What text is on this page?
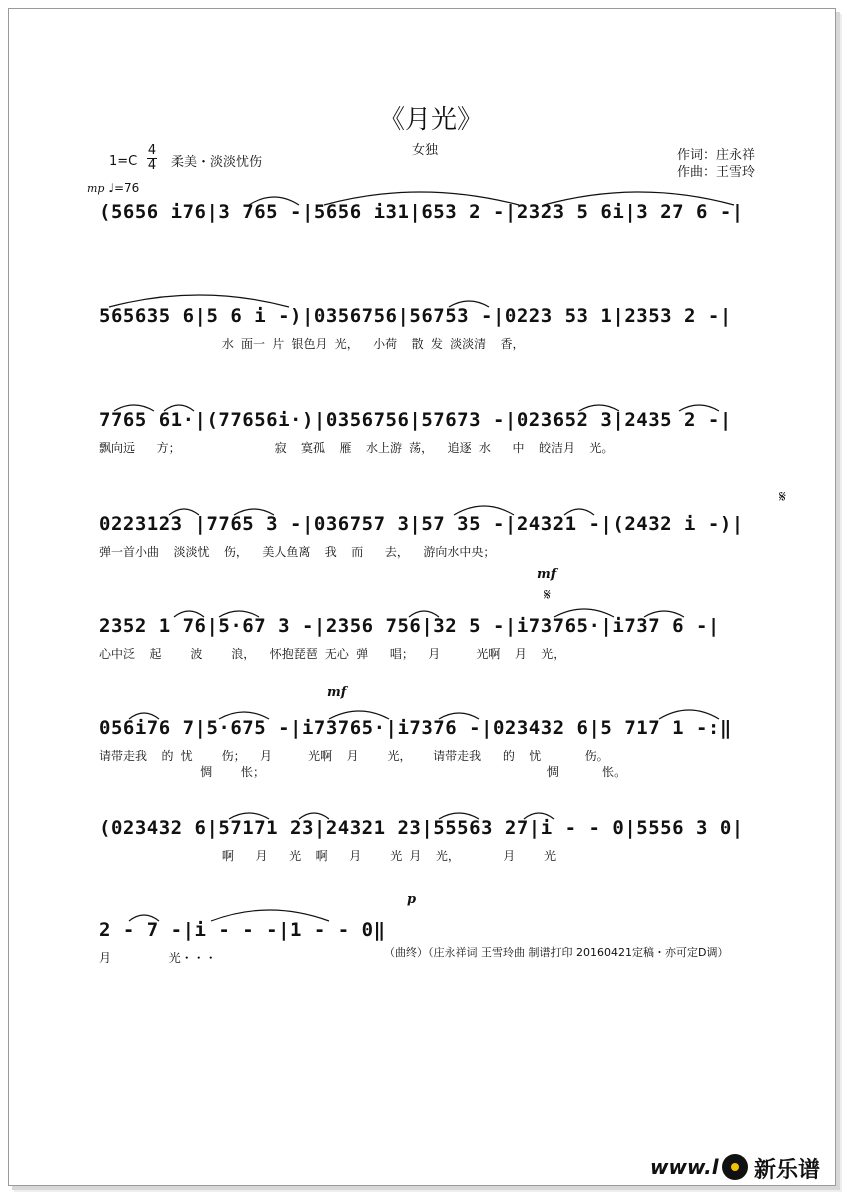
《月光》
女独
1=C
4
4 柔美・淡淡忧伤	作词：庄永祥
作曲：王雪玲
mp ♩=76
(5656 i76|3 765 -|5656 i31|653 2 -|2323 5 6i|3 27 6 -|
565635 6|5 6 i -)|0356756|56753 -|0223 53 1|2353 2 -|
水 面一 片 银色月 光，  小荷  散 发 淡淡清  香，
7765 61·|(77656i·)|0356756|57673 -|023652 3|2435 2 -|
飘向远   方；             寂  寞孤  雁  水上游 荡，  追逐 水   中  皎洁月  光。
0223123 |7765 3 -|036757 3|57 35 -|24321 -|(2432 i -)|
弹一首小曲  淡淡忧  伤，  美人鱼离  我  而   去，  游向水中央；
𝄋
2352 1 76|5·67 3 -|2356 756|32 5 -|i73765·|i737 6 -|
心中泛  起    波    浪，  怀抱琵琶 无心 弹   唱；  月     光啊  月  光，
mf
𝄋
056i76 7|5·675 -|i73765·|i7376 -|023432 6|5 717 1 -:‖
请带走我  的 忧    伤；  月     光啊  月    光，   请带走我   的  忧      伤。
惆    怅；                                       惆      怅。
mf
(023432 6|57171 23|24321 23|55563 27|i - - 0|5556 3 0|
啊   月   光  啊   月    光 月  光，      月    光
2 - 7 -|i - - -|1 - - 0‖
月        光・・・
p
（曲终）（庄永祥词 王雪玲曲 制谱打印 20160421定稿・亦可定D调）
www.l 新乐谱
